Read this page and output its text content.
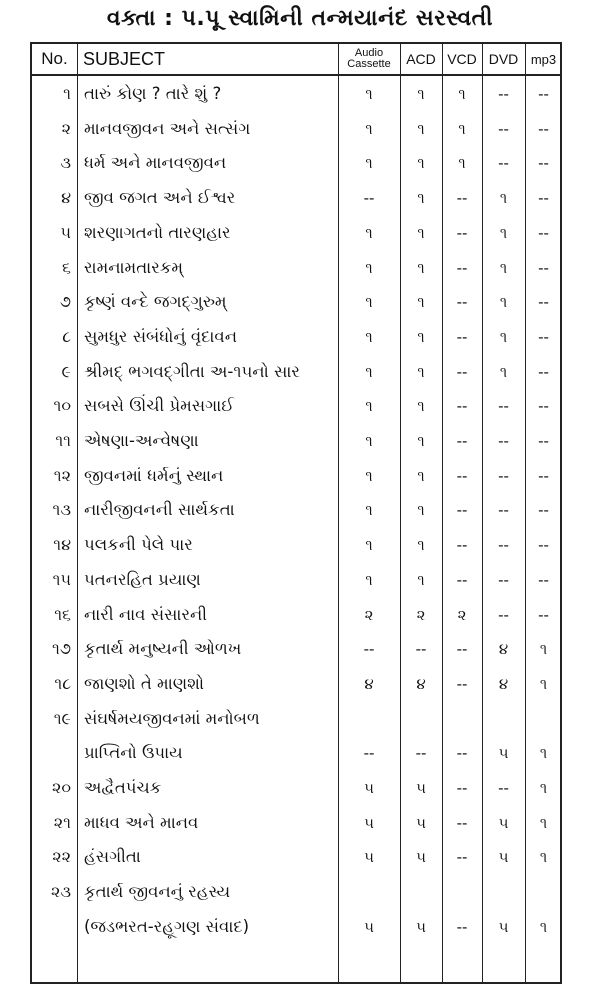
વક્તા : પ.પૂ સ્વામિની તન્મયાનંદ સરસ્વતી
No. SUBJECT	Audio
Cassette	ACD VCD DVD mp3
૧ તારું કોણ ? તારે શું ?	૧	૧	૧	--	--
૨ માનવજીવન અને સત્સંગ	૧	૧	૧	--	--
૩ ધર્મ અને માનવજીવન	૧	૧	૧	--	--
૪ જીવ જગત અને ઈશ્વર	--	૧	--	૧	--
૫ શરણાગતનો તારણહાર	૧	૧	--	૧	--
૬ રામનામતારકમ્	૧	૧	--	૧	--
૭ કૃષ્ણં વન્દે જગદ્ગુરુમ્	૧	૧	--	૧	--
૮ સુમધુર સંબંધોનું વૃંદાવન	૧	૧	--	૧	--
૯ શ્રીમદ્ ભગવદ્ગીતા અ-૧૫નો સાર	૧	૧	--	૧	--
૧૦ સબસે ઊંચી પ્રેમસગાઈ	૧	૧	--	--	--
૧૧ એષણા-અન્વેષણા	૧	૧	--	--	--
૧૨ જીવનમાં ધર્મનું સ્થાન	૧	૧	--	--	--
૧૩ નારીજીવનની સાર્થકતા	૧	૧	--	--	--
૧૪ પલકની પેલે પાર	૧	૧	--	--	--
૧૫ પતનરહિત પ્રયાણ	૧	૧	--	--	--
૧૬ નારી નાવ સંસારની	૨	૨	૨	--	--
૧૭ કૃતાર્થ મનુષ્યની ઓળખ	--	--	--	૪	૧
૧૮ જાણશો તે માણશો	૪	૪	--	૪	૧
૧૯ સંઘર્ષમયજીવનમાં મનોબળ
પ્રાપ્તિનો ઉપાય	--	--	--	૫	૧
૨૦ અદ્વૈતપંચક	૫	૫	--	--	૧
૨૧ માધવ અને માનવ	૫	૫	--	૫	૧
૨૨ હંસગીતા	૫	૫	--	૫	૧
૨૩ કૃતાર્થ જીવનનું રહસ્ય
(જડભરત-રહૂગણ સંવાદ)	૫	૫	--	૫	૧
